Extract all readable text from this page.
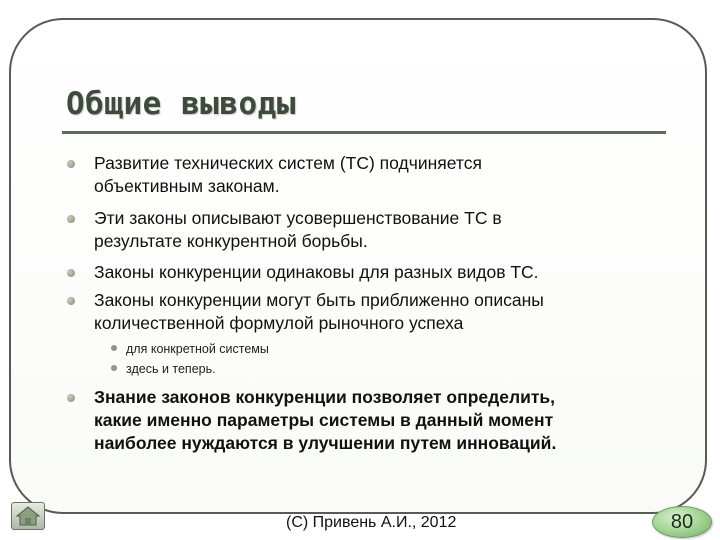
Общие выводы
Развитие технических систем (ТС) подчиняется
объективным законам.
Эти законы описывают усовершенствование ТС в
результате конкурентной борьбы.
Законы конкуренции одинаковы для разных видов ТС.
Законы конкуренции могут быть приближенно описаны
количественной формулой рыночного успеха
для конкретной системы
здесь и теперь.
Знание законов конкуренции позволяет определить,
какие именно параметры системы в данный момент
наиболее нуждаются в улучшении путем инноваций.
(С) Привень А.И., 2012	80
